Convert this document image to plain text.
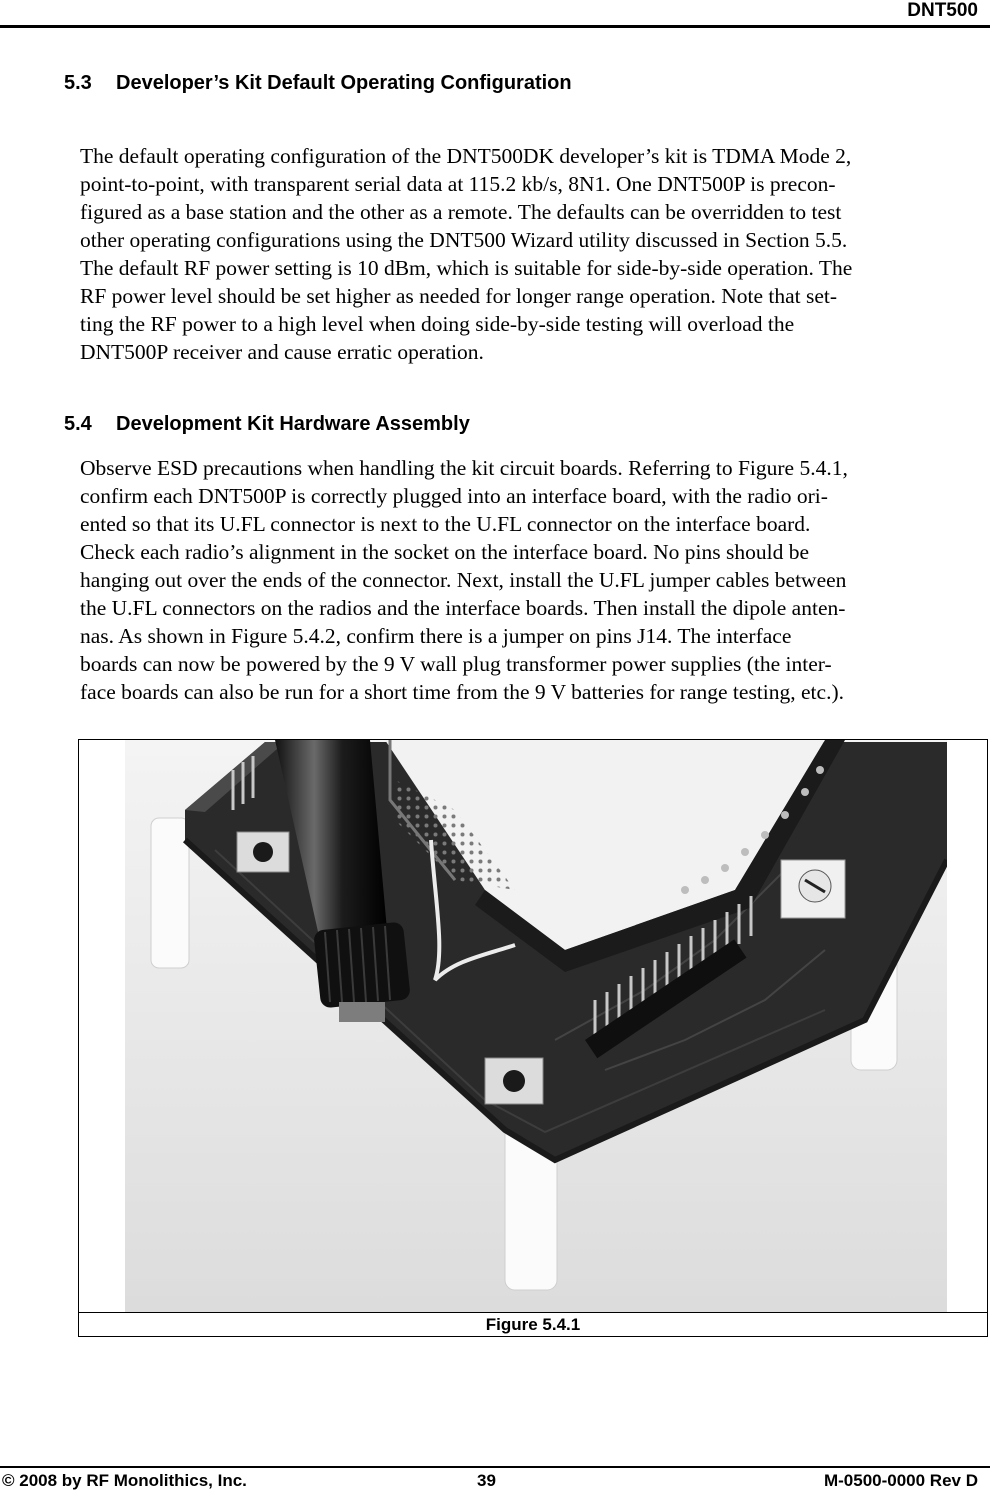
DNT500
5.3 Developer’s Kit Default Operating Configuration
The default operating configuration of the DNT500DK developer’s kit is TDMA Mode 2,
point-to-point, with transparent serial data at 115.2 kb/s, 8N1. One DNT500P is precon-
figured as a base station and the other as a remote. The defaults can be overridden to test
other operating configurations using the DNT500 Wizard utility discussed in Section 5.5.
The default RF power setting is 10 dBm, which is suitable for side-by-side operation. The
RF power level should be set higher as needed for longer range operation. Note that set-
ting the RF power to a high level when doing side-by-side testing will overload the
DNT500P receiver and cause erratic operation.
5.4 Development Kit Hardware Assembly
Observe ESD precautions when handling the kit circuit boards. Referring to Figure 5.4.1,
confirm each DNT500P is correctly plugged into an interface board, with the radio ori-
ented so that its U.FL connector is next to the U.FL connector on the interface board.
Check each radio’s alignment in the socket on the interface board. No pins should be
hanging out over the ends of the connector. Next, install the U.FL jumper cables between
the U.FL connectors on the radios and the interface boards. Then install the dipole anten-
nas. As shown in Figure 5.4.2, confirm there is a jumper on pins J14. The interface
boards can now be powered by the 9 V wall plug transformer power supplies (the inter-
face boards can also be run for a short time from the 9 V batteries for range testing, etc.).
Figure 5.4.1
© 2008 by RF Monolithics, Inc.	39	M-0500-0000 Rev D
